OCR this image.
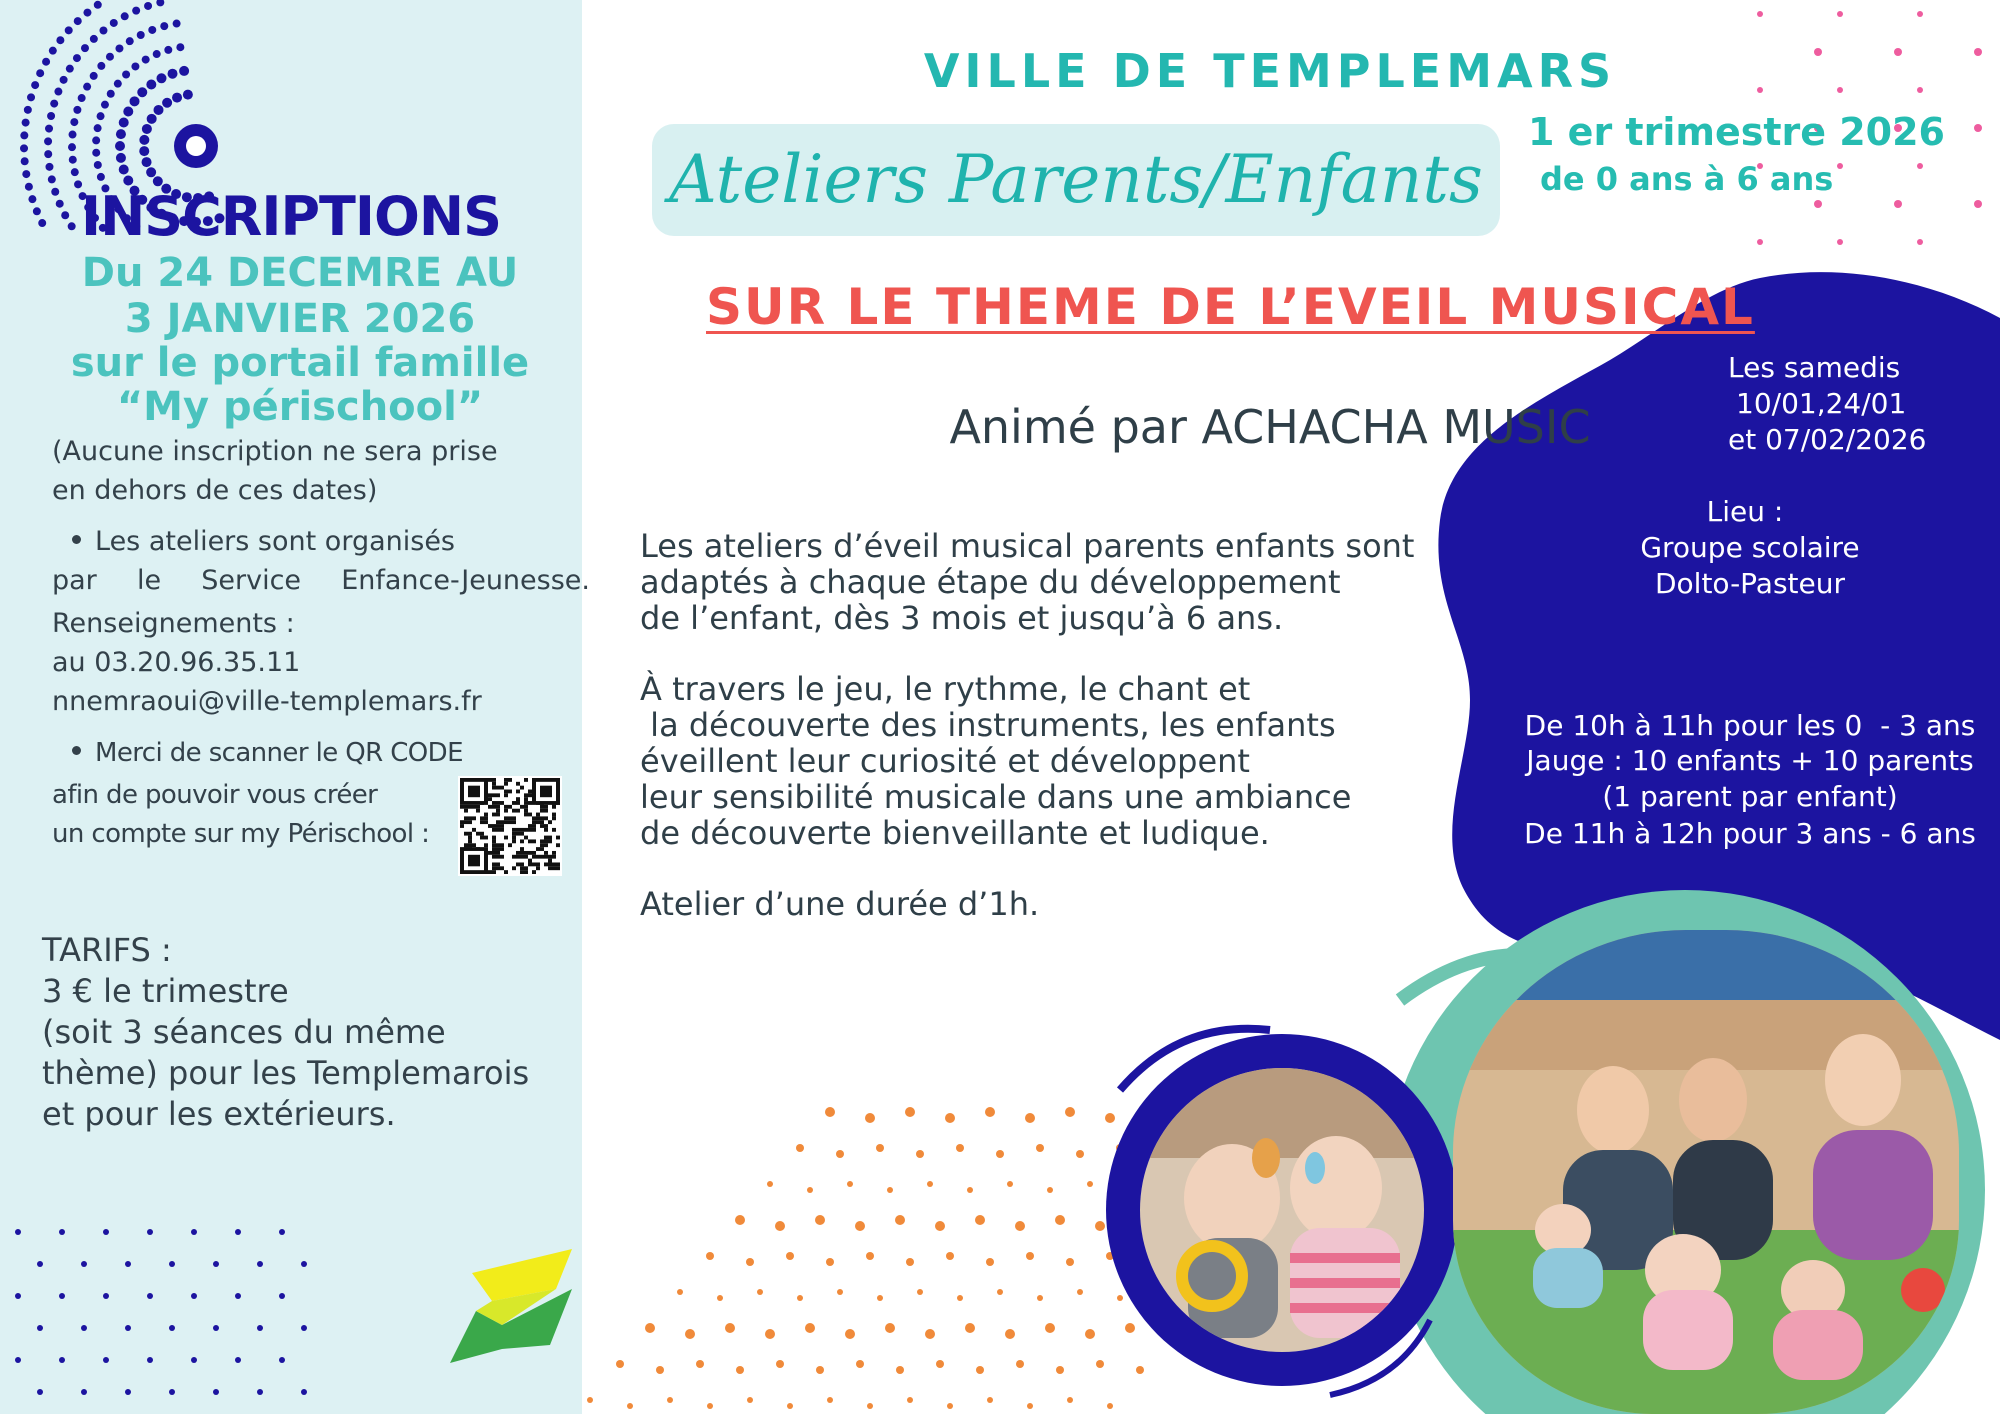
INSCRIPTIONS
Du 24 DECEMRE AU
3 JANVIER 2026
sur le portail famille
“My périschool”
(Aucune inscription ne sera prise
en dehors de ces dates)
Les ateliers sont organisés
par le Service Enfance-Jeunesse.
Renseignements :
au 03.20.96.35.11
nnemraoui@ville-templemars.fr
Merci de scanner le QR CODE
afin de pouvoir vous créer
un compte sur my Périschool :
TARIFS :
3 € le trimestre
(soit 3 séances du même
thème) pour les Templemarois
et pour les extérieurs.
VILLE DE TEMPLEMARS
Ateliers Parents/Enfants
1 er trimestre 2026
de 0 ans à 6 ans
SUR LE THEME DE L’EVEIL MUSICAL
Animé par ACHACHA MUSIC
Les ateliers d’éveil musical parents enfants sont
adaptés à chaque étape du développement
de l’enfant, dès 3 mois et jusqu’à 6 ans.
À travers le jeu, le rythme, le chant et
la découverte des instruments, les enfants
éveillent leur curiosité et développent
leur sensibilité musicale dans une ambiance
de découverte bienveillante et ludique.
Atelier d’une durée d’1h.
Les samedis
10/01,24/01
et 07/02/2026
Lieu :
Groupe scolaire
Dolto-Pasteur

De 10h à 11h pour les 0  - 3 ans

De 11h à 12h pour 3 ans - 6 ans

Jauge : 10 enfants + 10 parents
(1 parent par enfant)
